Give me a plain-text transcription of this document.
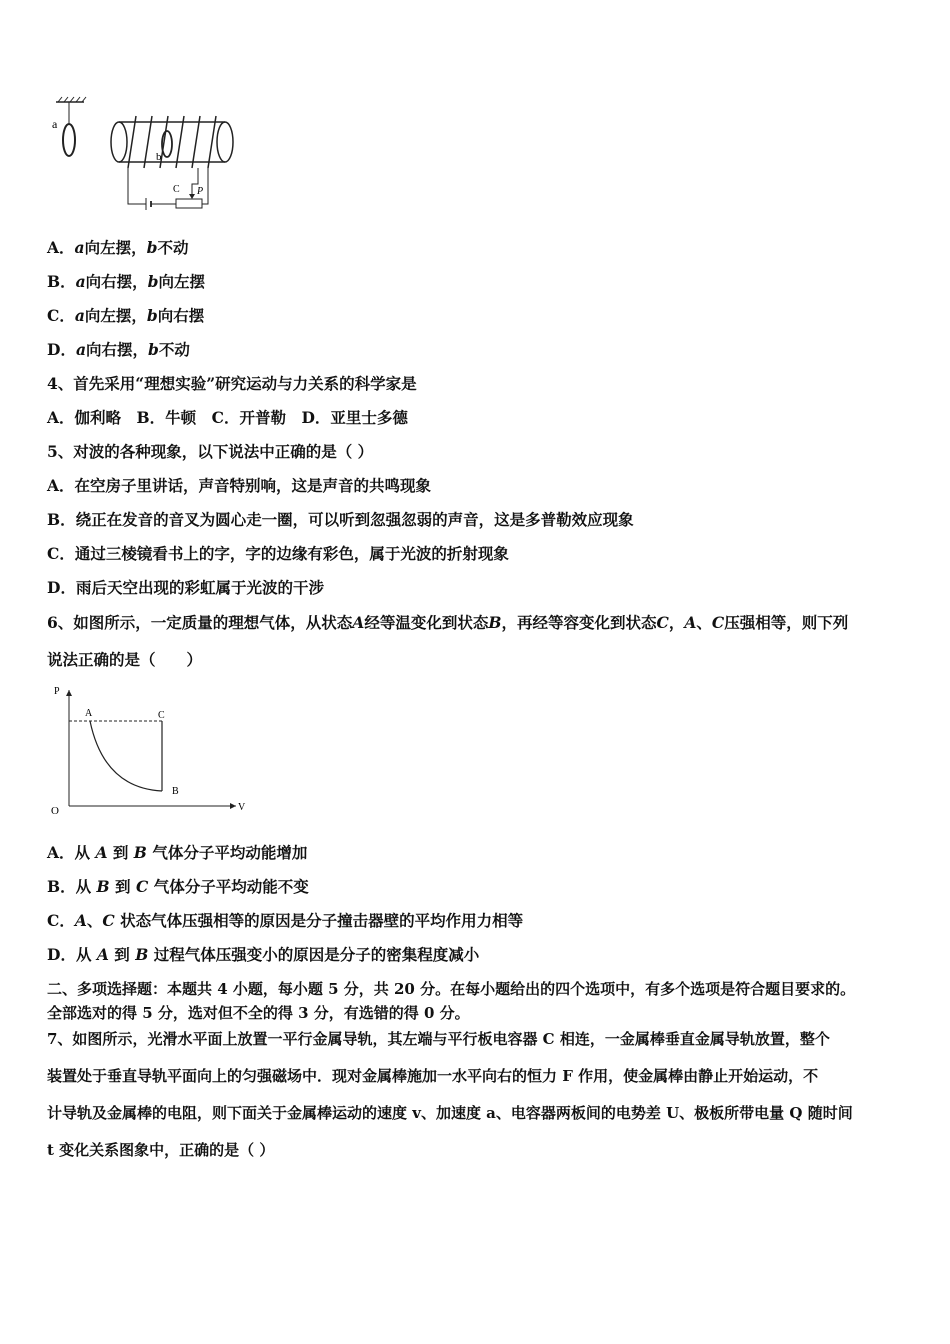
a
b
C P
A．a向左摆，b不动
B．a向右摆，b向左摆
C．a向左摆，b向右摆
D．a向右摆，b不动
4、首先采用“理想实验”研究运动与力关系的科学家是
A．伽利略　B．牛顿　C．开普勒　D．亚里士多德
5、对波的各种现象，以下说法中正确的是（ ）
A．在空房子里讲话，声音特别响，这是声音的共鸣现象
B．绕正在发音的音叉为圆心走一圈，可以听到忽强忽弱的声音，这是多普勒效应现象
C．通过三棱镜看书上的字，字的边缘有彩色，属于光波的折射现象
D．雨后天空出现的彩虹属于光波的干涉
6、如图所示，一定质量的理想气体，从状态A经等温变化到状态B，再经等容变化到状态C，A、C压强相等，则下列
说法正确的是（　　）
P
V
O
A	C
B
A．从 A 到 B 气体分子平均动能增加
B．从 B 到 C 气体分子平均动能不变
C．A、C 状态气体压强相等的原因是分子撞击器壁的平均作用力相等
D．从 A 到 B 过程气体压强变小的原因是分子的密集程度减小
二、多项选择题：本题共 4 小题，每小题 5 分，共 20 分。在每小题给出的四个选项中，有多个选项是符合题目要求的。
全部选对的得 5 分，选对但不全的得 3 分，有选错的得 0 分。
7、如图所示，光滑水平面上放置一平行金属导轨，其左端与平行板电容器 C 相连，一金属棒垂直金属导轨放置，整个
装置处于垂直导轨平面向上的匀强磁场中．现对金属棒施加一水平向右的恒力 F 作用，使金属棒由静止开始运动，不
计导轨及金属棒的电阻，则下面关于金属棒运动的速度 v、加速度 a、电容器两板间的电势差 U、极板所带电量 Q 随时间
t 变化关系图象中，正确的是（ ）
